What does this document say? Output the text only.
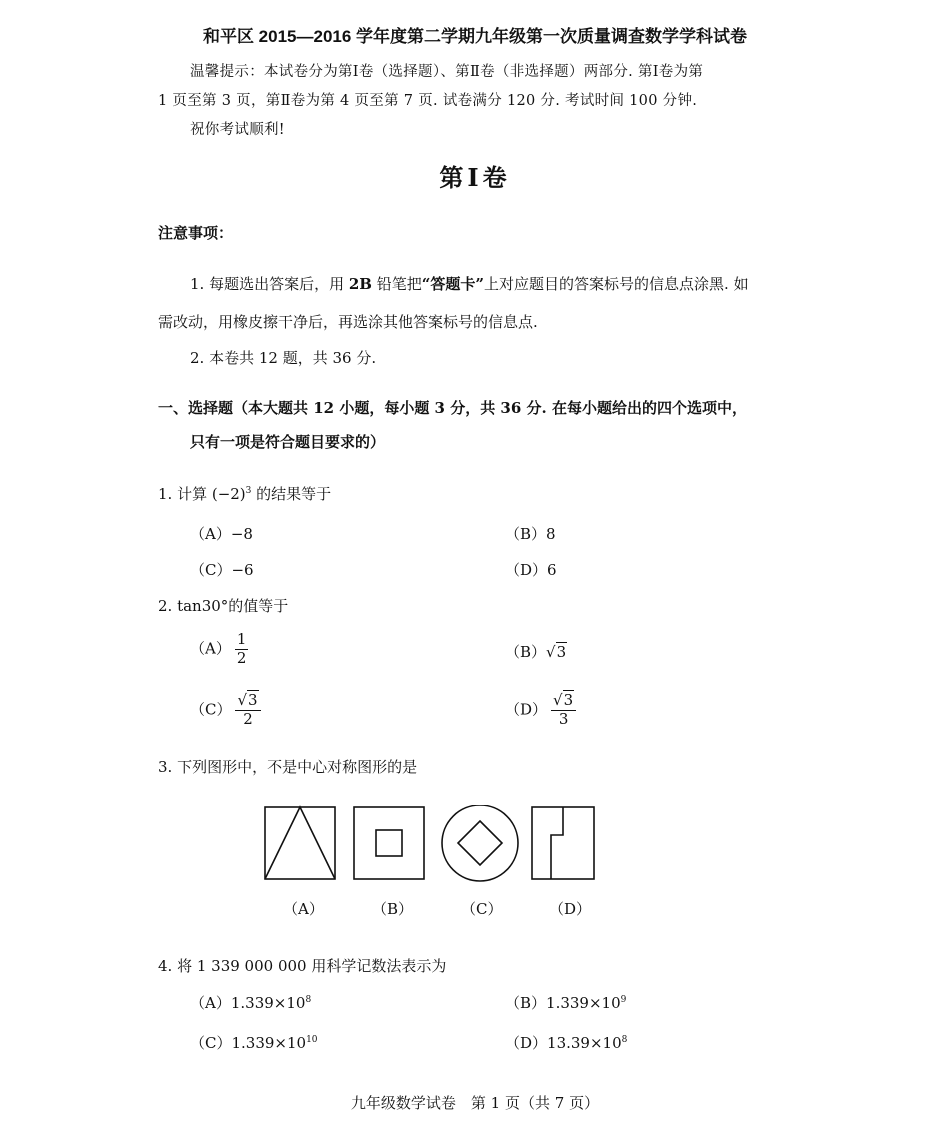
和平区 2015—2016 学年度第二学期九年级第一次质量调查数学学科试卷
温馨提示：本试卷分为第Ⅰ卷（选择题）、第Ⅱ卷（非选择题）两部分. 第Ⅰ卷为第
1 页至第 3 页，第Ⅱ卷为第 4 页至第 7 页. 试卷满分 120 分. 考试时间 100 分钟.
祝你考试顺利!
第Ⅰ卷
注意事项：
1. 每题选出答案后，用 2B 铅笔把“答题卡”上对应题目的答案标号的信息点涂黑. 如
需改动，用橡皮擦干净后，再选涂其他答案标号的信息点.
2. 本卷共 12 题，共 36 分.
一、选择题（本大题共 12 小题，每小题 3 分，共 36 分. 在每小题给出的四个选项中，
只有一项是符合题目要求的）
1. 计算 $(-2)^3$ 的结果等于
（A）−8	（B）8
（C）−6	（D）6
2. tan30°的值等于
$(A) \frac{1}{2}$	（B）√3
$(C) \frac{√3}{2}$	$(D) \frac{√3}{3}$
3. 下列图形中，不是中心对称图形的是
（A）	（B）	（C）	（D）
4. 将 1 339 000 000 用科学记数法表示为
$(A)1.339\times 10^8$	$(B)1.339\times 10^9$
$(C)1.339\times 10^{10}$	$(D)13.39\times 10^8$
九年级数学试卷　第 1 页（共 7 页）
